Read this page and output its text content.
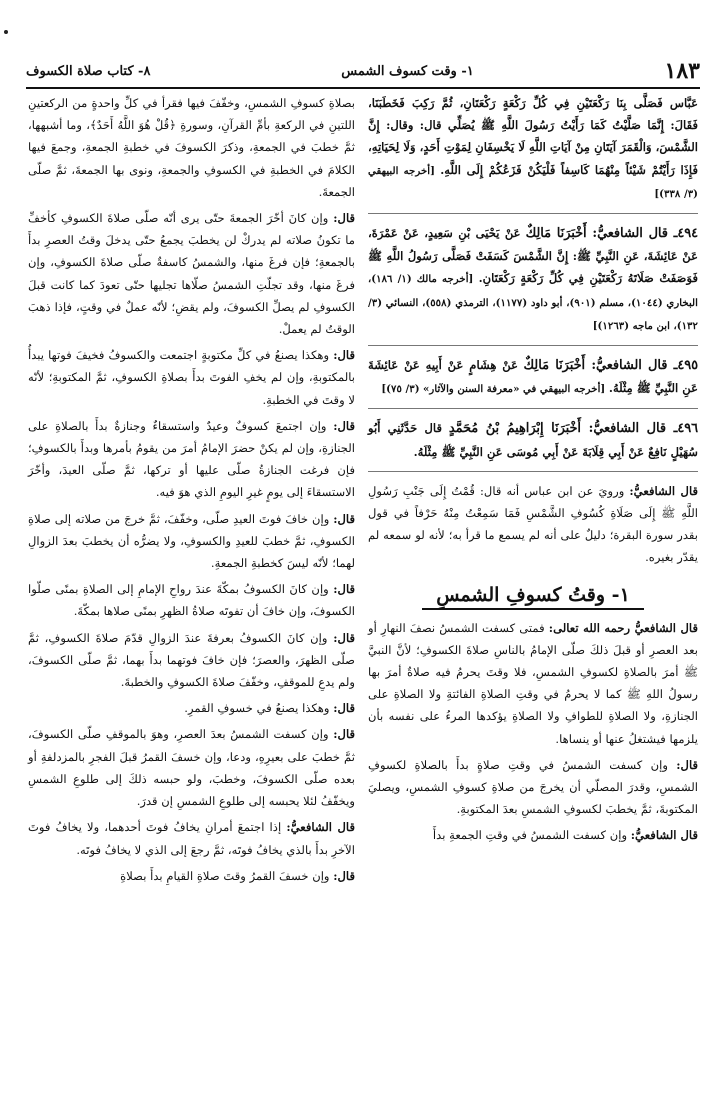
١٨٣
١- وقت كسوف الشمس
٨- كتاب صلاة الكسوف

عَبَّاس فَصَلَّى بِنَا رَكْعَتَيْنِ فِي كُلِّ رَكْعَةٍ رَكْعَتَانِ، ثُمَّ رَكِبَ فَخَطَبَنَا، فَقَالَ: إِنَّمَا صَلَّيْتُ كَمَا رَأَيْتُ رَسُولَ اللَّهِ ﷺ يُصَلِّي قال: وقال: إِنَّ الشَّمْسَ، وَالْقَمَرَ آيَتَانِ مِنْ آيَاتِ اللَّهِ لَا يَخْسِفَانِ لِمَوْتِ أَحَدٍ، وَلَا لِحَيَاتِهِ، فَإِذَا رَأَيْتُمْ شَيْئاً مِنْهُمَا كَاسِفاً فَلْيَكُنْ فَزَعُكُمْ إِلَى اللَّهِ. [أخرجه البيهقي (٣/ ٣٣٨)]

٤٩٤ـ قال الشافعيُّ: أَخْبَرَنَا مَالِكٌ عَنْ يَحْيَى بْنِ سَعِيدٍ، عَنْ عَمْرَةَ، عَنْ عَائِشَةَ، عَنِ النَّبِيِّ ﷺ: إِنَّ الشَّمْسَ كَسَفَتْ فَصَلَّى رَسُولُ اللَّهِ ﷺ فَوَصَفَتْ صَلَاتَهُ رَكْعَتَيْنِ فِي كُلِّ رَكْعَةٍ رَكْعَتَانِ. [أخرجه مالك (١/ ١٨٦)، البخاري (١٠٤٤)، مسلم (٩٠١)، أبو داود (١١٧٧)، الترمذي (٥٥٨)، النسائي (٣/ ١٣٢)، ابن ماجه (١٢٦٣)]

٤٩٥ـ قال الشافعيُّ: أَخْبَرَنَا مَالِكٌ عَنْ هِشَامٍ عَنْ أَبِيهِ عَنْ عَائِشَةَ عَنِ النَّبِيِّ ﷺ مِثْلَهُ. [أخرجه البيهقي في «معرفة السنن والآثار» (٣/ ٧٥)]

٤٩٦ـ قال الشافعيُّ: أَخْبَرَنَا إِبْرَاهِيمُ بْنُ مُحَمَّدٍ قال حَدَّثَنِي أَبُو سُهَيْلٍ نَافِعٌ عَنْ أَبِي قِلَابَةَ عَنْ أَبِي مُوسَى عَنِ النَّبِيِّ ﷺ مِثْلَهُ.

قال الشافعيُّ: ورويَ عن ابن عباس أنه قال: قُمْتُ إِلَى جَنْبِ رَسُولِ اللَّهِ ﷺ إِلَى صَلَاةِ كُسُوفِ الشَّمْسِ فَمَا سَمِعْتُ مِنْهُ حَرْفاً في قول بقدر سورة البقرة؛ دليلٌ على أنه لم يسمع ما قرأ به؛ لأنه لو سمعه لم يقدّر بغيره.

١- وقتُ كسوفِ الشمسِ

قال الشافعيُّ رحمه الله تعالى: فمتى كسفت الشمسُ نصفَ النهارِ أو بعد العصرِ أو قبلَ ذلكَ صلّى الإمامُ بالناسِ صلاةَ الكسوفِ؛ لأنَّ النبيَّ ﷺ أمرَ بالصلاةِ لكسوفِ الشمسِ، فلا وقتَ يحرمُ فيه صلاةٌ أمرَ بها رسولُ اللهِ ﷺ كما لا يحرمُ في وقتِ الصلاةِ الفائتةِ ولا الصلاةِ على الجنازةِ، ولا الصلاةِ للطوافِ ولا الصلاةِ يؤكدها المرءُ على نفسه بأن يلزمها فيشتغلُ عنها أو ينساها.

قال: وإن كسفت الشمسُ في وقتِ صلاةٍ بدأَ بالصلاةِ لكسوفِ الشمسِ، وقدرَ المصلّي أن يخرجَ من صلاةِ كسوفِ الشمسِ، ويصليَ المكتوبةَ، ثمَّ يخطبَ لكسوفِ الشمسِ بعدَ المكتوبةِ.

قال الشافعيُّ: وإن كسفت الشمسُ في وقتِ الجمعةِ بدأَ

بصلاةِ كسوفِ الشمسِ، وخفّفَ فيها فقرأ في كلِّ واحدةٍ من الركعتينِ اللتينِ في الركعةِ بأمِّ القرآنِ، وسورةِ ﴿قُلْ هُوَ اللَّهُ أَحَدٌ﴾، وما أشبهها، ثمَّ خطبَ في الجمعةِ، وذكرَ الكسوفَ في خطبةِ الجمعةِ، وجمعَ فيها الكلامَ في الخطبةِ في الكسوفِ والجمعةِ، ونوى بها الجمعةَ، ثمَّ صلّى الجمعةَ.

قال: وإن كانَ أخّرَ الجمعةَ حتّى يرى أنّه صلّى صلاةَ الكسوفِ كأخفِّ ما تكونُ صلاته لم يدركْ لن يخطبَ يجمعُ حتّى يدخلَ وقتُ العصرِ بدأَ بالجمعةِ؛ فإن فرغَ منها، والشمسُ كاسفةٌ صلّى صلاةَ الكسوفِ، وإن فرغَ منها، وقد تجلّتِ الشمسُ صلّاها تجليها حتّى تعودَ كما كانت قبلَ الكسوفِ لم يصلِّ الكسوفَ، ولم يقضِ؛ لأنّه عملٌ في وقتٍ، فإذا ذهبَ الوقتُ لم يعملْ.

قال: وهكذا يصنعُ في كلِّ مكتوبةٍ اجتمعت والكسوفُ فخيفَ فوتها يبدأُ بالمكتوبةِ، وإن لم يخفِ الفوتَ بدأَ بصلاةِ الكسوفِ، ثمَّ المكتوبةِ؛ لأنّه لا وقتَ في الخطبةِ.

قال: وإن اجتمعَ كسوفٌ وعيدٌ واستسقاءٌ وجنازةٌ بدأَ بالصلاةِ على الجنازةِ، وإن لم يكنْ حضرَ الإمامُ أمرَ من يقومُ بأمرها وبدأَ بالكسوفِ؛ فإن فرغت الجنازةُ صلّى عليها أو تركها، ثمَّ صلّى العيدَ، وأخّرَ الاستسقاءَ إلى يومٍ غيرِ اليومِ الذي هوَ فيه.

قال: وإن خافَ فوتَ العيدِ صلّى، وخفّفَ، ثمَّ خرجَ من صلاته إلى صلاةِ الكسوفِ، ثمَّ خطبَ للعيدِ والكسوفِ، ولا يضرُّه أن يخطبَ بعدَ الزوالِ لهما؛ لأنّه ليسَ كخطبةِ الجمعةِ.

قال: وإن كانَ الكسوفُ بمكّةَ عندَ رواحِ الإمامِ إلى الصلاةِ بمنًى صلّوا الكسوفَ، وإن خافَ أن تفوتَه صلاةُ الظهرِ بمنًى صلاها بمكّةَ.

قال: وإن كانَ الكسوفُ بعرفةَ عندَ الزوالِ قدّمَ صلاةَ الكسوفِ، ثمَّ صلّى الظهرَ، والعصرَ؛ فإن خافَ فوتهما بدأَ بهما، ثمَّ صلّى الكسوفَ، ولم يدعِ للموقفِ، وخفّفَ صلاةَ الكسوفِ والخطبةَ.

قال: وهكذا يصنعُ في خسوفِ القمرِ.

قال: وإن كسفت الشمسُ بعدَ العصرِ، وهوَ بالموقفِ صلّى الكسوفَ، ثمَّ خطبَ على بعيرِهِ، ودعا، وإن خسفَ القمرُ قبلَ الفجرِ بالمزدلفةِ أو بعده صلّى الكسوفَ، وخطبَ، ولو حبسه ذلكَ إلى طلوعِ الشمسِ ويخفّفُ لئلا يحبسه إلى طلوعِ الشمسِ إن قدرَ.

قال الشافعيُّ: إذا اجتمعَ أمرانِ يخافُ فوتَ أحدهما، ولا يخافُ فوتَ الآخرِ بدأَ بالذي يخافُ فوتَه، ثمَّ رجعَ إلى الذي لا يخافُ فوتَه.

قال: وإن خسفَ القمرُ وقتَ صلاةِ القيامِ بدأَ بصلاةِ
